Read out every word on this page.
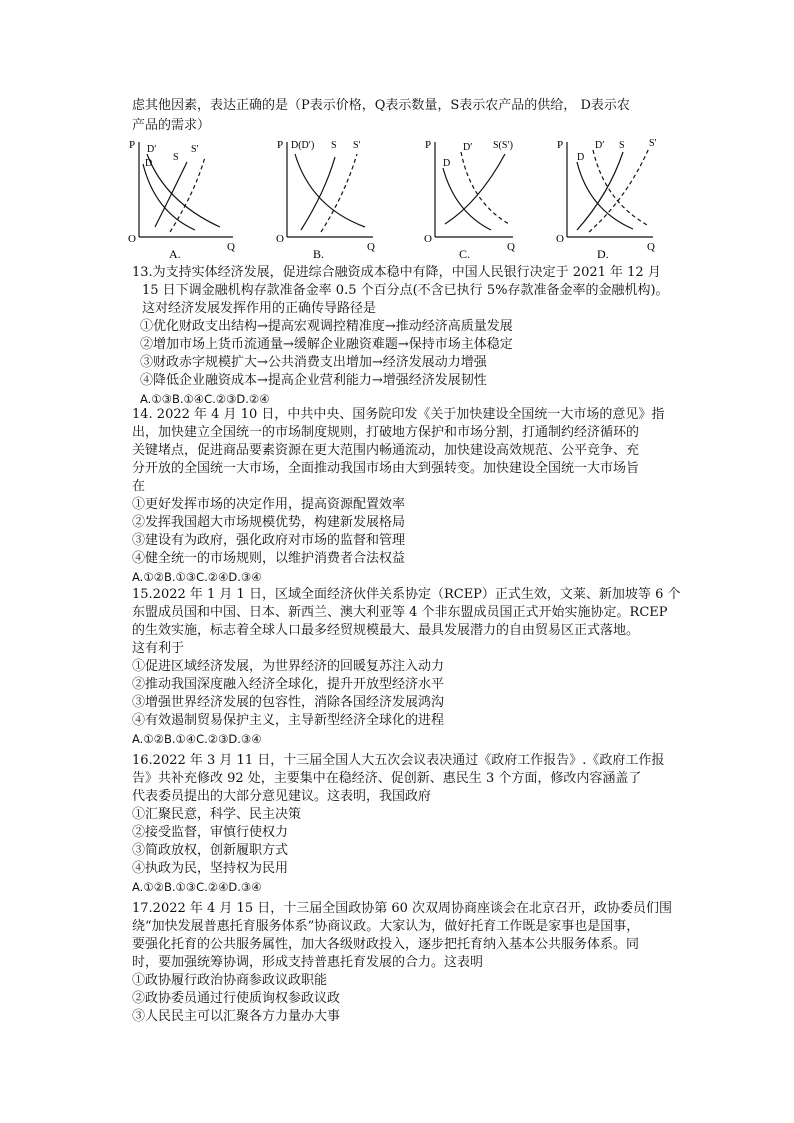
虑其他因素，表达正确的是（P表示价格，Q表示数量，S表示农产品的供给， D表示农

产品的需求）

P D′
D
S
S′
O
Q
A.
P D(D′) S S′
O
Q
B.
P	D′
D
S(S′)
O
Q
C.
P	D′
D
S S′
O
Q
D.

13.为支持实体经济发展，促进综合融资成本稳中有降，中国人民银行决定于 2021 年 12 月

15 日下调金融机构存款准备金率 0.5 个百分点(不含已执行 5%存款准备金率的金融机构)。

这对经济发展发挥作用的正确传导路径是

①优化财政支出结构→提高宏观调控精准度→推动经济高质量发展

②增加市场上货币流通量→缓解企业融资难题→保持市场主体稳定

③财政赤字规模扩大→公共消费支出增加→经济发展动力增强

④降低企业融资成本→提高企业营利能力→增强经济发展韧性

A.①③B.①④C.②③D.②④

14. 2022 年 4 月 10 日，中共中央、国务院印发《关于加快建设全国统一大市场的意见》指

出，加快建立全国统一的市场制度规则，打破地方保护和市场分割，打通制约经济循环的

关键堵点，促进商品要素资源在更大范围内畅通流动，加快建设高效规范、公平竞争、充

分开放的全国统一大市场，全面推动我国市场由大到强转变。加快建设全国统一大市场旨

在

①更好发挥市场的决定作用，提高资源配置效率

②发挥我国超大市场规模优势，构建新发展格局

③建设有为政府，强化政府对市场的监督和管理

④健全统一的市场规则，以维护消费者合法权益

A.①②B.①③C.②④D.③④

15.2022 年 1 月 1 日，区域全面经济伙伴关系协定（RCEP）正式生效，文莱、新加坡等 6 个

东盟成员国和中国、日本、新西兰、澳大利亚等 4 个非东盟成员国正式开始实施协定。RCEP

的生效实施，标志着全球人口最多经贸规模最大、最具发展潜力的自由贸易区正式落地。

这有利于

①促进区域经济发展，为世界经济的回暖复苏注入动力

②推动我国深度融入经济全球化，提升开放型经济水平

③增强世界经济发展的包容性，消除各国经济发展鸿沟

④有效遏制贸易保护主义，主导新型经济全球化的进程

A.①②B.①④C.②③D.③④

16.2022 年 3 月 11 日，十三届全国人大五次会议表决通过《政府工作报告》.《政府工作报

告》共补充修改 92 处，主要集中在稳经济、促创新、惠民生 3 个方面，修改内容涵盖了

代表委员提出的大部分意见建议。这表明，我国政府

①汇聚民意，科学、民主决策

②接受监督，审慎行使权力

③简政放权，创新履职方式

④执政为民，坚持权为民用

A.①②B.①③C.②④D.③④

17.2022 年 4 月 15 日，十三届全国政协第 60 次双周协商座谈会在北京召开，政协委员们围

绕“加快发展普惠托育服务体系”协商议政。大家认为，做好托育工作既是家事也是国事，

要强化托育的公共服务属性，加大各级财政投入，逐步把托育纳入基本公共服务体系。同

时，要加强统筹协调，形成支持普惠托育发展的合力。这表明

①政协履行政治协商参政议政职能

②政协委员通过行使质询权参政议政

③人民民主可以汇聚各方力量办大事
